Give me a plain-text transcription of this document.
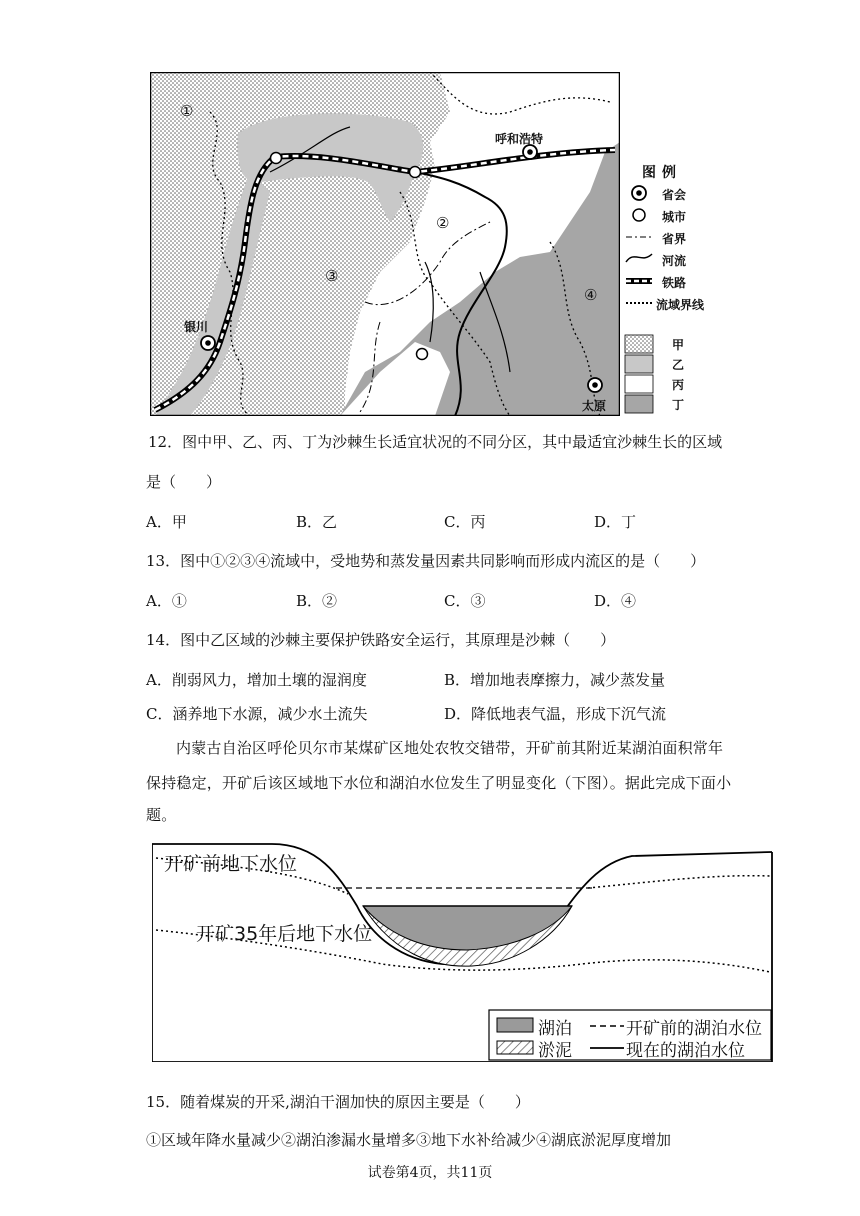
①
②
③
④
呼和浩特
银川
太原
图例
省会
城市
省界
河流
铁路
流域界线
甲
乙
丙
丁
12．图中甲、乙、丙、丁为沙棘生长适宜状况的不同分区，其中最适宜沙棘生长的区域
是（　　）
A．甲	B．乙	C．丙	D．丁
13．图中①②③④流域中，受地势和蒸发量因素共同影响而形成内流区的是（　　）
A．①	B．②	C．③	D．④
14．图中乙区域的沙棘主要保护铁路安全运行，其原理是沙棘（　　）
A．削弱风力，增加土壤的湿润度	B．增加地表摩擦力，减少蒸发量
C．涵养地下水源，减少水土流失	D．降低地表气温，形成下沉气流
内蒙古自治区呼伦贝尔市某煤矿区地处农牧交错带，开矿前其附近某湖泊面积常年
保持稳定，开矿后该区域地下水位和湖泊水位发生了明显变化（下图）。据此完成下面小
题。
开矿前地下水位
开矿35年后地下水位
湖泊
淤泥
开矿前的湖泊水位
现在的湖泊水位
15．随着煤炭的开采,湖泊干涸加快的原因主要是（　　）
①区域年降水量减少②湖泊渗漏水量增多③地下水补给减少④湖底淤泥厚度增加
试卷第4页，共11页
